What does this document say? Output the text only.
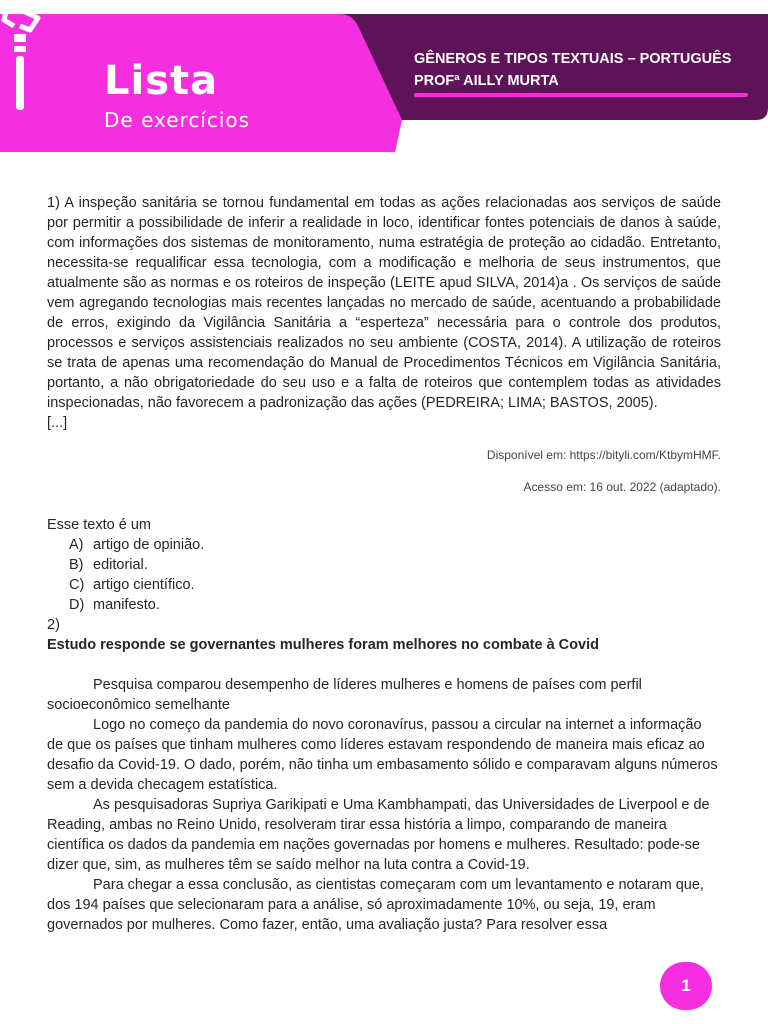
Lista
De exercícios
GÊNEROS E TIPOS TEXTUAIS – PORTUGUÊS
PROFª AILLY MURTA

1) A inspeção sanitária se tornou fundamental em todas as ações relacionadas aos serviços de saúde por permitir a possibilidade de inferir a realidade in loco, identificar fontes potenciais de danos à saúde, com informações dos sistemas de monitoramento, numa estratégia de proteção ao cidadão. Entretanto, necessita-se requalificar essa tecnologia, com a modificação e melhoria de seus instrumentos, que atualmente são as normas e os roteiros de inspeção (LEITE apud SILVA, 2014)a . Os serviços de saúde vem agregando tecnologias mais recentes lançadas no mercado de saúde, acentuando a probabilidade de erros, exigindo da Vigilância Sanitária a “esperteza” necessária para o controle dos produtos, processos e serviços assistenciais realizados no seu ambiente (COSTA, 2014). A utilização de roteiros se trata de apenas uma recomendação do Manual de Procedimentos Técnicos em Vigilância Sanitária, portanto, a não obrigatoriedade do seu uso e a falta de roteiros que contemplem todas as atividades inspecionadas, não favorecem a padronização das ações (PEDREIRA; LIMA; BASTOS, 2005).

[...]

Disponível em: https://bityli.com/KtbymHMF.

Acesso em: 16 out. 2022 (adaptado).

Esse texto é um

A) artigo de opinião.
B) editorial.
C) artigo científico.
D) manifesto.

2)

Estudo responde se governantes mulheres foram melhores no combate à Covid

Pesquisa comparou desempenho de líderes mulheres e homens de países com perfil socioeconômico semelhante

Logo no começo da pandemia do novo coronavírus, passou a circular na internet a informação de que os países que tinham mulheres como líderes estavam respondendo de maneira mais eficaz ao desafio da Covid-19. O dado, porém, não tinha um embasamento sólido e comparavam alguns números sem a devida checagem estatística.

As pesquisadoras Supriya Garikipati e Uma Kambhampati, das Universidades de Liverpool e de Reading, ambas no Reino Unido, resolveram tirar essa história a limpo, comparando de maneira científica os dados da pandemia em nações governadas por homens e mulheres. Resultado: pode-se dizer que, sim, as mulheres têm se saído melhor na luta contra a Covid-19.

Para chegar a essa conclusão, as cientistas começaram com um levantamento e notaram que, dos 194 países que selecionaram para a análise, só aproximadamente 10%, ou seja, 19, eram governados por mulheres. Como fazer, então, uma avaliação justa? Para resolver essa

1
